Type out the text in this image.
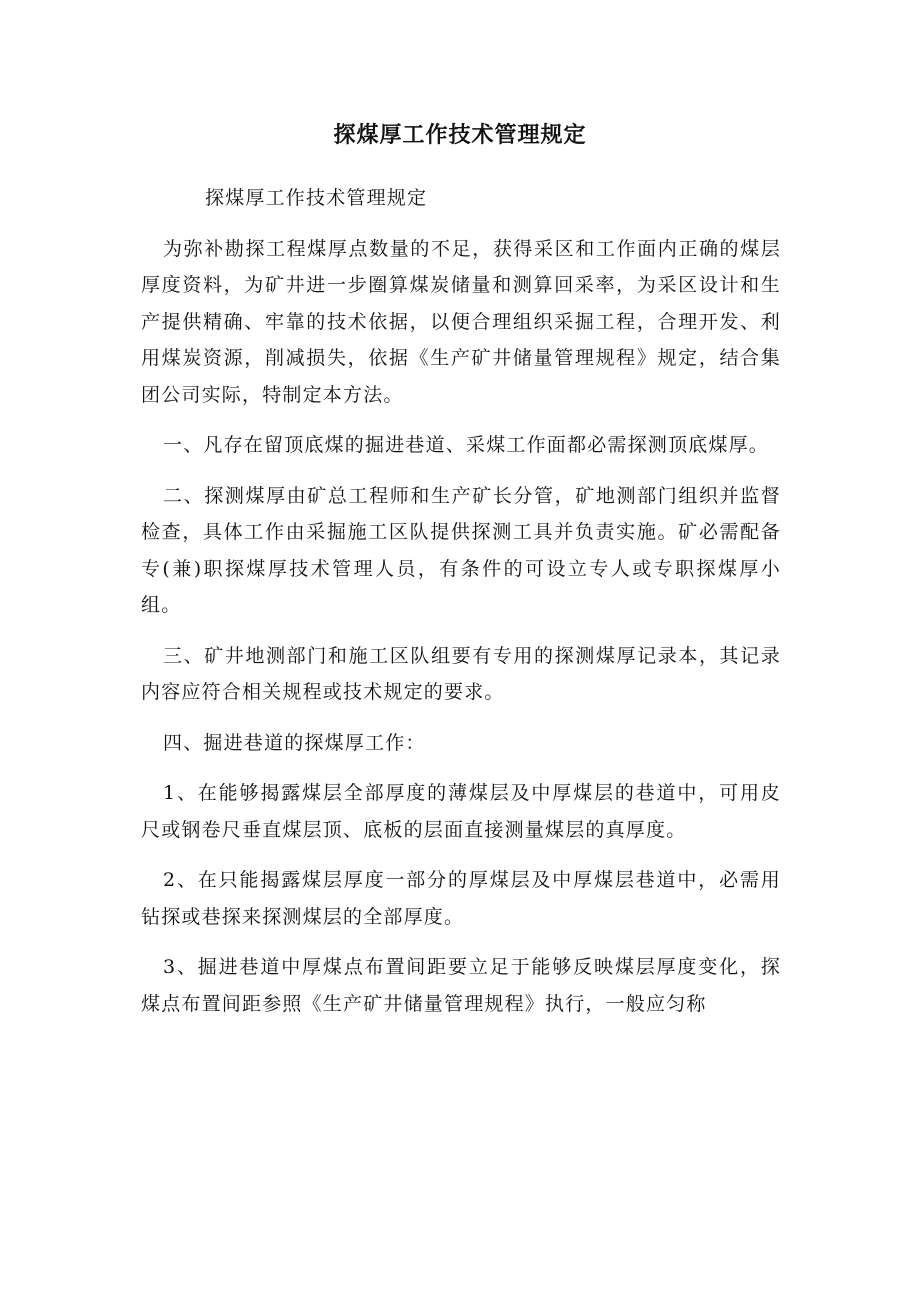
探煤厚工作技术管理规定

探煤厚工作技术管理规定

为弥补勘探工程煤厚点数量的不足，获得采区和工作面内正确的煤层厚度资料，为矿井进一步圈算煤炭储量和测算回采率，为采区设计和生产提供精确、牢靠的技术依据，以便合理组织采掘工程，合理开发、利用煤炭资源，削减损失，依据《生产矿井储量管理规程》规定，结合集团公司实际，特制定本方法。

一、凡存在留顶底煤的掘进巷道、采煤工作面都必需探测顶底煤厚。

二、探测煤厚由矿总工程师和生产矿长分管，矿地测部门组织并监督检查，具体工作由采掘施工区队提供探测工具并负责实施。矿必需配备专(兼)职探煤厚技术管理人员，有条件的可设立专人或专职探煤厚小组。

三、矿井地测部门和施工区队组要有专用的探测煤厚记录本，其记录内容应符合相关规程或技术规定的要求。

四、掘进巷道的探煤厚工作：

1、在能够揭露煤层全部厚度的薄煤层及中厚煤层的巷道中，可用皮尺或钢卷尺垂直煤层顶、底板的层面直接测量煤层的真厚度。

2、在只能揭露煤层厚度一部分的厚煤层及中厚煤层巷道中，必需用钻探或巷探来探测煤层的全部厚度。

3、掘进巷道中厚煤点布置间距要立足于能够反映煤层厚度变化，探煤点布置间距参照《生产矿井储量管理规程》执行，一般应匀称
